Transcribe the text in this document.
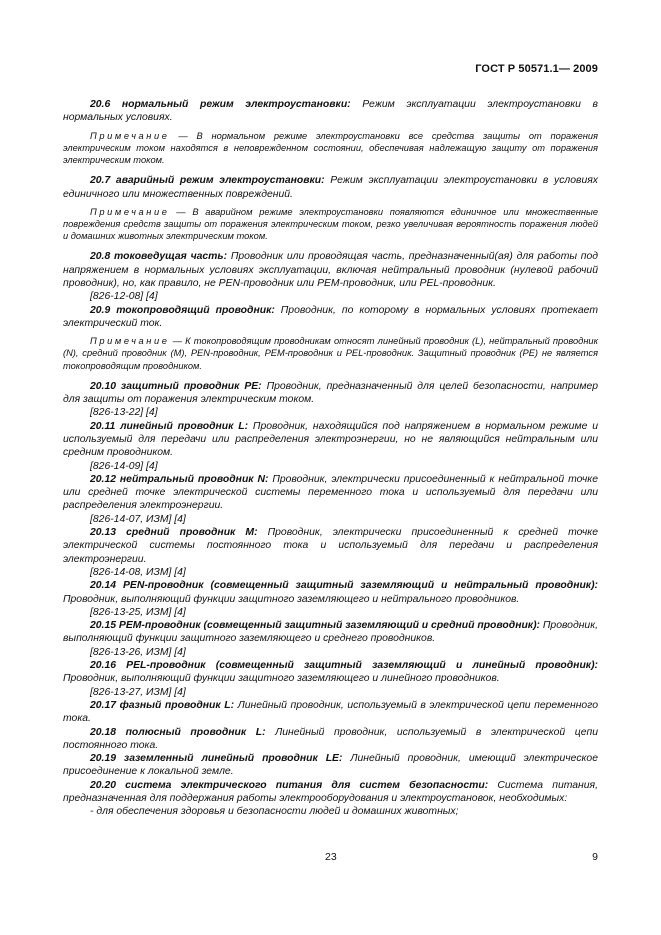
ГОСТ Р 50571.1— 2009

20.6 нормальный режим электроустановки: Режим эксплуатации электроустановки в нормальных условиях.

Примечание — В нормальном режиме электроустановки все средства защиты от поражения электрическим током находятся в неповрежденном состоянии, обеспечивая надлежащую защиту от поражения электрическим током.

20.7 аварийный режим электроустановки: Режим эксплуатации электроустановки в условиях единичного или множественных повреждений.

Примечание — В аварийном режиме электроустановки появляются единичное или множественные повреждения средств защиты от поражения электрическим током, резко увеличивая вероятность поражения людей и домашних животных электрическим током.

20.8 токоведущая часть: Проводник или проводящая часть, предназначенный(ая) для работы под напряжением в нормальных условиях эксплуатации, включая нейтральный проводник (нулевой рабочий проводник), но, как правило, не PEN-проводник или PEM-проводник, или PEL-проводник.

[826-12-08] [4]

20.9 токопроводящий проводник: Проводник, по которому в нормальных условиях протекает электрический ток.

Примечание — К токопроводящим проводникам относят линейный проводник (L), нейтральный проводник (N), средний проводник (M), PEN-проводник, PEM-проводник и PEL-проводник. Защитный проводник (PE) не является токопроводящим проводником.

20.10 защитный проводник PE: Проводник, предназначенный для целей безопасности, например для защиты от поражения электрическим током.

[826-13-22] [4]

20.11 линейный проводник L: Проводник, находящийся под напряжением в нормальном режиме и используемый для передачи или распределения электроэнергии, но не являющийся нейтральным или средним проводником.

[826-14-09] [4]

20.12 нейтральный проводник N: Проводник, электрически присоединенный к нейтральной точке или средней точке электрической системы переменного тока и используемый для передачи или распределения электроэнергии.

[826-14-07, ИЗМ] [4]

20.13 средний проводник M: Проводник, электрически присоединенный к средней точке электрической системы постоянного тока и используемый для передачи и распределения электроэнергии.

[826-14-08, ИЗМ] [4]

20.14 PEN-проводник (совмещенный защитный заземляющий и нейтральный проводник): Проводник, выполняющий функции защитного заземляющего и нейтрального проводников.

[826-13-25, ИЗМ] [4]

20.15 PEM-проводник (совмещенный защитный заземляющий и средний проводник): Проводник, выполняющий функции защитного заземляющего и среднего проводников.

[826-13-26, ИЗМ] [4]

20.16 PEL-проводник (совмещенный защитный заземляющий и линейный проводник): Проводник, выполняющий функции защитного заземляющего и линейного проводников.

[826-13-27, ИЗМ] [4]

20.17 фазный проводник L: Линейный проводник, используемый в электрической цепи переменного тока.

20.18 полюсный проводник L: Линейный проводник, используемый в электрической цепи постоянного тока.

20.19 заземленный линейный проводник LE: Линейный проводник, имеющий электрическое присоединение к локальной земле.

20.20 система электрического питания для систем безопасности: Система питания, предназначенная для поддержания работы электрооборудования и электроустановок, необходимых:

- для обеспечения здоровья и безопасности людей и домашних животных;

23	9
